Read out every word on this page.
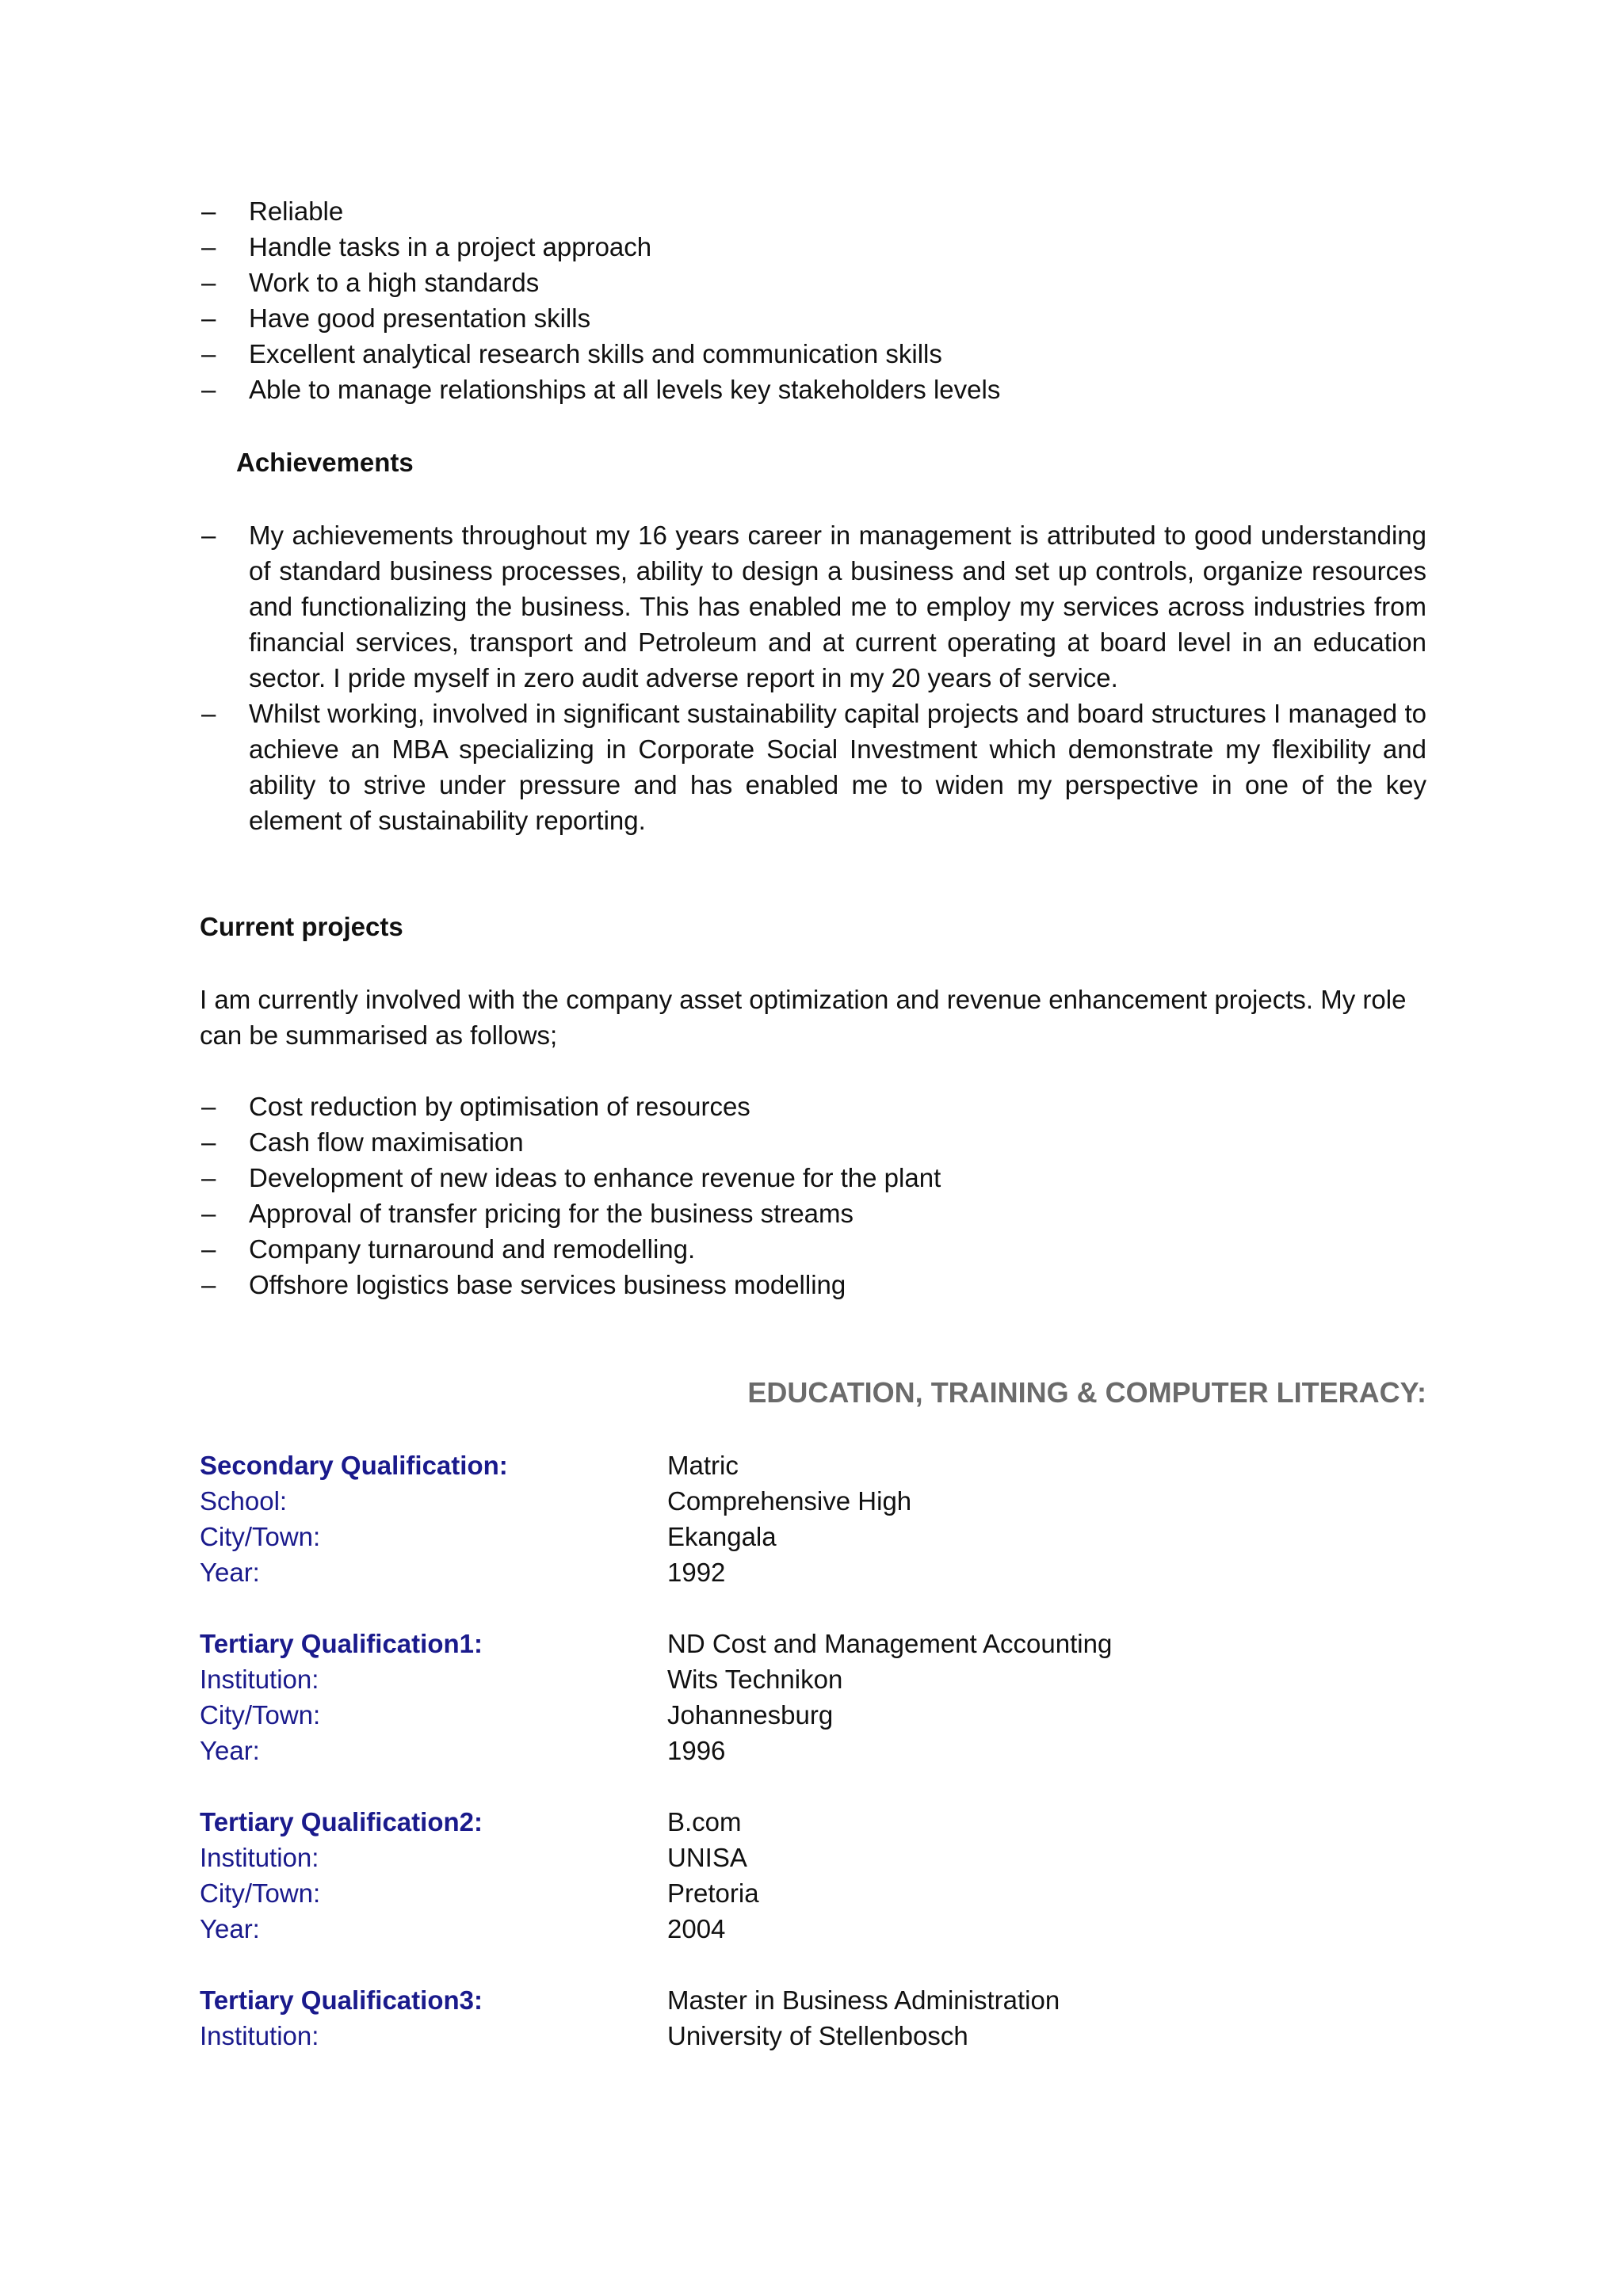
– Reliable
– Handle tasks in a project approach
– Work to a high standards
– Have good presentation skills
– Excellent analytical research skills and communication skills
– Able to manage relationships at all levels key stakeholders levels
Achievements
– My achievements throughout my 16 years career in management is attributed to good understanding of standard business processes, ability to design a business and set up controls, organize resources and functionalizing the business. This has enabled me to employ my services across industries from financial services, transport and Petroleum and at current operating at board level in an education sector. I pride myself in zero audit adverse report in my 20 years of service.
– Whilst working, involved in significant sustainability capital projects and board structures I managed to achieve an MBA specializing in Corporate Social Investment which demonstrate my flexibility and ability to strive under pressure and has enabled me to widen my perspective in one of the key element of sustainability reporting.
Current projects
I am currently involved with the company asset optimization and revenue enhancement projects. My role can be summarised as follows;
– Cost reduction by optimisation of resources
– Cash flow maximisation
– Development of new ideas to enhance revenue for the plant
– Approval of transfer pricing for the business streams
– Company turnaround and remodelling.
– Offshore logistics base services business modelling
EDUCATION, TRAINING & COMPUTER LITERACY:
Secondary Qualification:	Matric
School:	Comprehensive High
City/Town:	Ekangala
Year:	1992
Tertiary Qualification1:	ND Cost and Management Accounting
Institution:	Wits Technikon
City/Town:	Johannesburg
Year:	1996
Tertiary Qualification2:	B.com
Institution:	UNISA
City/Town:	Pretoria
Year:	2004
Tertiary Qualification3:	Master in Business Administration
Institution:	University of Stellenbosch
